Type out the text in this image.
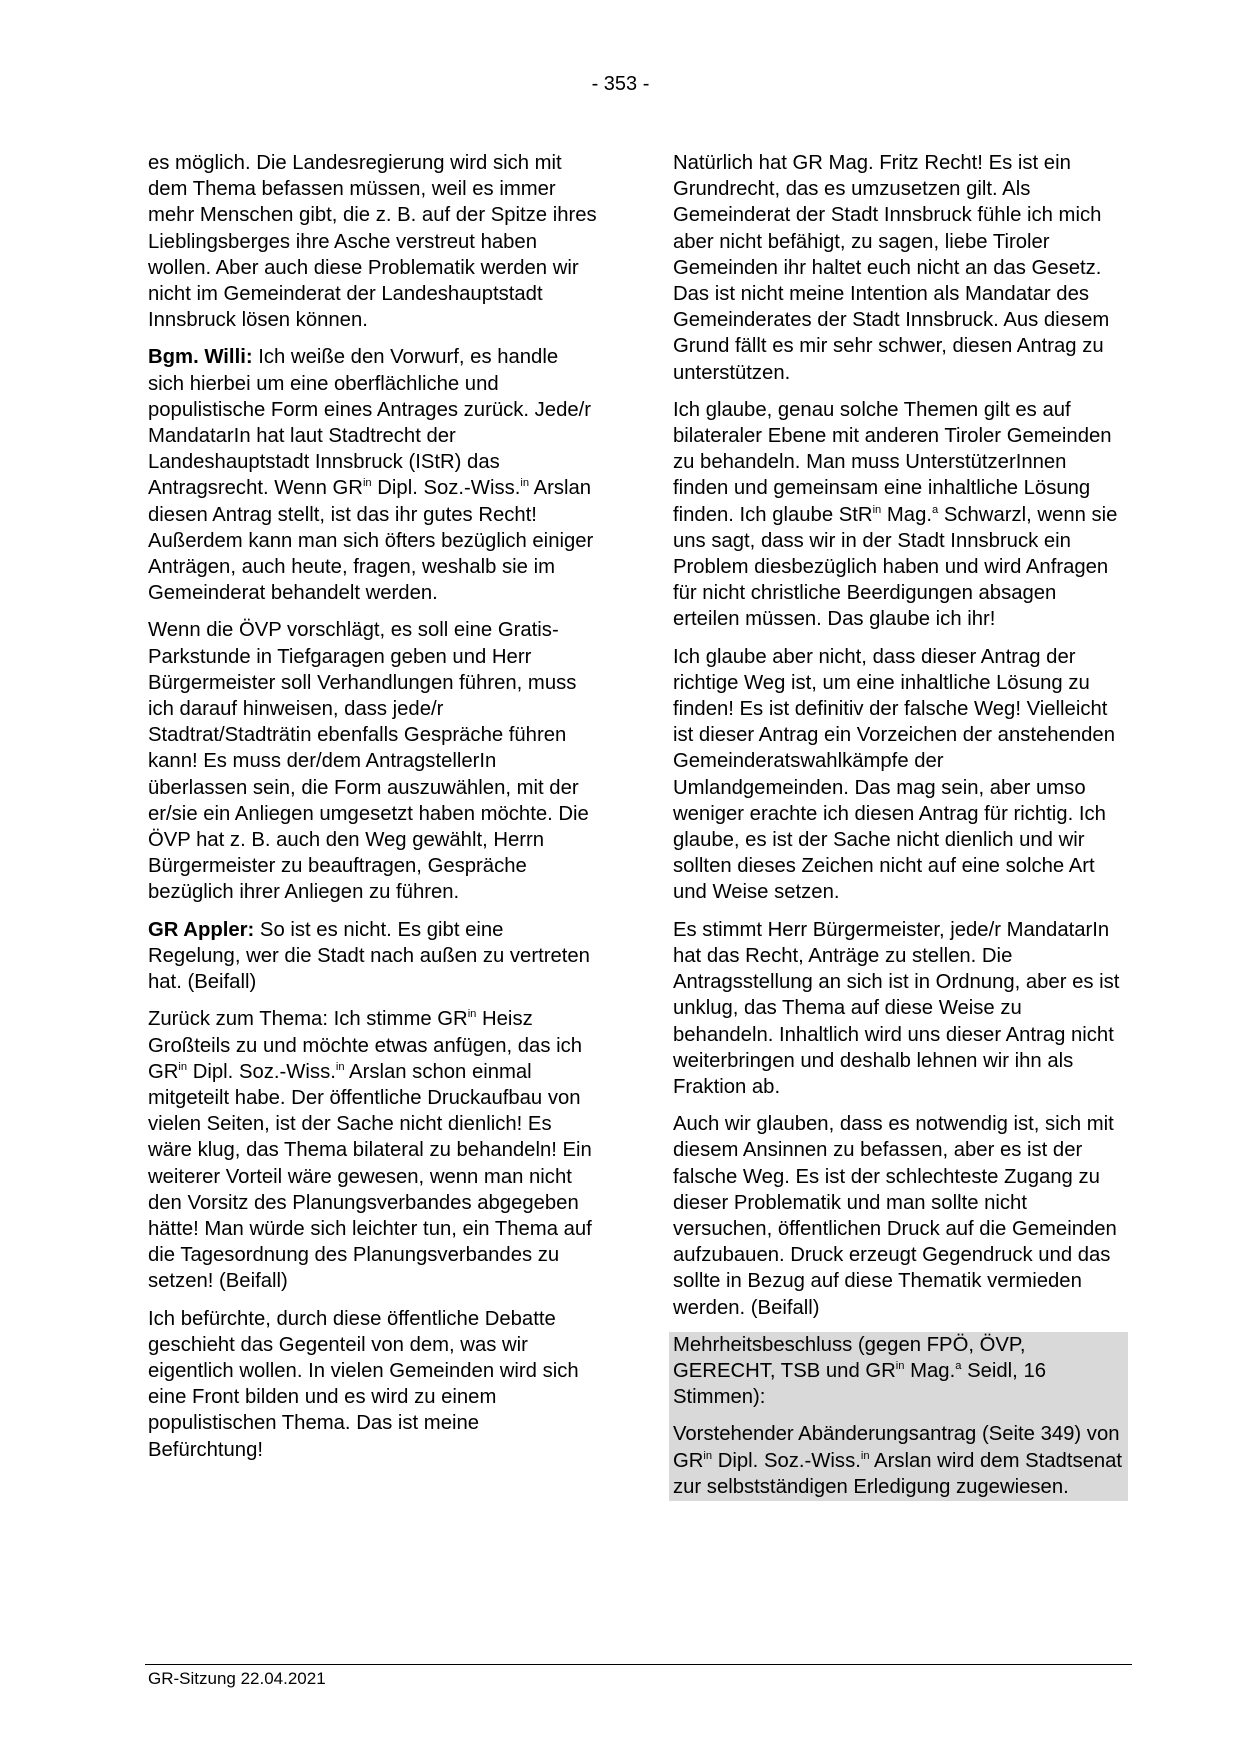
- 353 -

es möglich. Die Landesregierung wird sich mit dem Thema befassen müssen, weil es immer mehr Menschen gibt, die z. B. auf der Spitze ihres Lieblingsberges ihre Asche verstreut haben wollen. Aber auch diese Problematik werden wir nicht im Gemeinderat der Landeshauptstadt Innsbruck lösen können.

Bgm. Willi: Ich weiße den Vorwurf, es handle sich hierbei um eine oberflächliche und populistische Form eines Antrages zurück. Jede/r MandatarIn hat laut Stadtrecht der Landeshauptstadt Innsbruck (IStR) das Antragsrecht. Wenn $GR^{in}$ Dipl. Soz.-Wiss.$^{in}$ Arslan diesen Antrag stellt, ist das ihr gutes Recht! Außerdem kann man sich öfters bezüglich einiger Anträgen, auch heute, fragen, weshalb sie im Gemeinderat behandelt werden.

Wenn die ÖVP vorschlägt, es soll eine Gratis-Parkstunde in Tiefgaragen geben und Herr Bürgermeister soll Verhandlungen führen, muss ich darauf hinweisen, dass jede/r Stadtrat/Stadträtin ebenfalls Gespräche führen kann! Es muss der/dem AntragstellerIn überlassen sein, die Form auszuwählen, mit der er/sie ein Anliegen umgesetzt haben möchte. Die ÖVP hat z. B. auch den Weg gewählt, Herrn Bürgermeister zu beauftragen, Gespräche bezüglich ihrer Anliegen zu führen.

GR Appler: So ist es nicht. Es gibt eine Regelung, wer die Stadt nach außen zu vertreten hat. (Beifall)

Zurück zum Thema: Ich stimme $GR^{in}$ Heisz Großteils zu und möchte etwas anfügen, das ich $GR^{in}$ Dipl. Soz.-Wiss.$^{in}$ Arslan schon einmal mitgeteilt habe. Der öffentliche Druckaufbau von vielen Seiten, ist der Sache nicht dienlich! Es wäre klug, das Thema bilateral zu behandeln! Ein weiterer Vorteil wäre gewesen, wenn man nicht den Vorsitz des Planungsverbandes abgegeben hätte! Man würde sich leichter tun, ein Thema auf die Tagesordnung des Planungsverbandes zu setzen! (Beifall)

Ich befürchte, durch diese öffentliche Debatte geschieht das Gegenteil von dem, was wir eigentlich wollen. In vielen Gemeinden wird sich eine Front bilden und es wird zu einem populistischen Thema. Das ist meine Befürchtung!

Natürlich hat GR Mag. Fritz Recht! Es ist ein Grundrecht, das es umzusetzen gilt. Als Gemeinderat der Stadt Innsbruck fühle ich mich aber nicht befähigt, zu sagen, liebe Tiroler Gemeinden ihr haltet euch nicht an das Gesetz. Das ist nicht meine Intention als Mandatar des Gemeinderates der Stadt Innsbruck. Aus diesem Grund fällt es mir sehr schwer, diesen Antrag zu unterstützen.

Ich glaube, genau solche Themen gilt es auf bilateraler Ebene mit anderen Tiroler Gemeinden zu behandeln. Man muss UnterstützerInnen finden und gemeinsam eine inhaltliche Lösung finden. Ich glaube StR$^{in}$ Mag.$^a$ Schwarzl, wenn sie uns sagt, dass wir in der Stadt Innsbruck ein Problem diesbezüglich haben und wird Anfragen für nicht christliche Beerdigungen absagen erteilen müssen. Das glaube ich ihr!

Ich glaube aber nicht, dass dieser Antrag der richtige Weg ist, um eine inhaltliche Lösung zu finden! Es ist definitiv der falsche Weg! Vielleicht ist dieser Antrag ein Vorzeichen der anstehenden Gemeinderatswahlkämpfe der Umlandgemeinden. Das mag sein, aber umso weniger erachte ich diesen Antrag für richtig. Ich glaube, es ist der Sache nicht dienlich und wir sollten dieses Zeichen nicht auf eine solche Art und Weise setzen.

Es stimmt Herr Bürgermeister, jede/r MandatarIn hat das Recht, Anträge zu stellen. Die Antragsstellung an sich ist in Ordnung, aber es ist unklug, das Thema auf diese Weise zu behandeln. Inhaltlich wird uns dieser Antrag nicht weiterbringen und deshalb lehnen wir ihn als Fraktion ab.

Auch wir glauben, dass es notwendig ist, sich mit diesem Ansinnen zu befassen, aber es ist der falsche Weg. Es ist der schlechteste Zugang zu dieser Problematik und man sollte nicht versuchen, öffentlichen Druck auf die Gemeinden aufzubauen. Druck erzeugt Gegendruck und das sollte in Bezug auf diese Thematik vermieden werden. (Beifall)

Mehrheitsbeschluss (gegen FPÖ, ÖVP, GERECHT, TSB und $GR^{in}$ Mag.$^a$ Seidl, 16 Stimmen):

Vorstehender Abänderungsantrag (Seite 349) von $GR^{in}$ Dipl. Soz.-Wiss.$^{in}$ Arslan wird dem Stadtsenat zur selbstständigen Erledigung zugewiesen.

GR-Sitzung 22.04.2021
